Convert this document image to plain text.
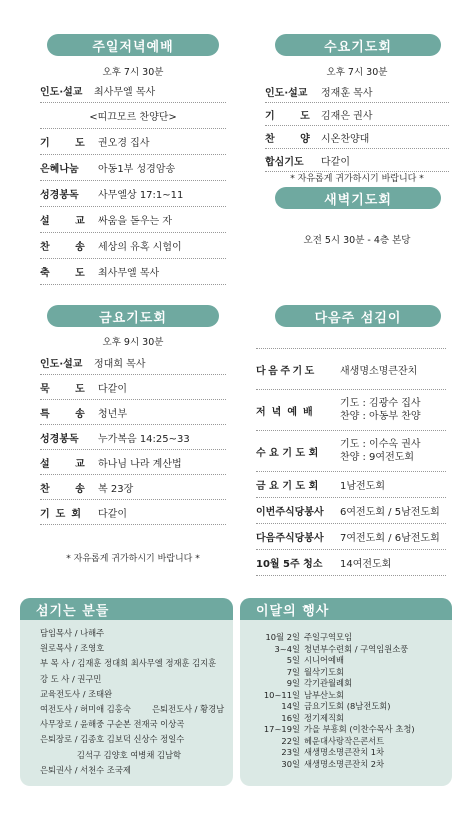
주일저녁예배
오후 7시 30분
인도·설교	최사무엘 목사
<띠끄모르 찬양단>
기 도	권오경 집사
은혜나눔	아동1부 성경암송
성경봉독	사무엘상 17:1~11
설 교	싸움을 돋우는 자
찬 송	세상의 유혹 시험이
축 도	최사무엘 목사
수요기도회
오후 7시 30분
인도·설교	정재훈 목사
기 도	김재은 권사
찬 양	시온찬양대
합심기도	다같이
* 자유롭게 귀가하시기 바랍니다 *
새벽기도회
오전 5시 30분 - 4층 본당
금요기도회
오후 9시 30분
인도·설교	정대희 목사
묵 도	다같이
특 송	청년부
성경봉독	누가복음 14:25~33
설 교	하나님 나라 계산법
찬 송	복 23장
기도회	다같이
* 자유롭게 귀가하시기 바랍니다 *
다음주 섬김이
다음주기도	새생명소명큰잔치
저녁예배
기도 : 김광수 집사
찬양 : 아동부 찬양
수요기도회
기도 : 이수옥 권사
찬양 : 9여전도회
금요기도회	1남전도회
이번주식당봉사	6여전도회 / 5남전도회
다음주식당봉사	7여전도회 / 6남전도회
10월 5주 청소	14여전도회
섬기는 분들
담임목사 / 나해주
원로목사 / 조영호
부 목 사 / 김재훈 정대희 최사무엘 정재훈 김지훈
강 도 사 / 권구민
교육전도사 / 조태완
여전도사 / 허미애 김홍숙        은퇴전도사 / 황경남
사무장로 / 윤해중 구순본 전재국 이상곡
은퇴장로 / 김종호 김보덕 신상수 정일수
김석구 김양호 여병채 김남학
은퇴권사 / 서천수 조국제
이달의 행사
10월 2일 주일구역모임
3~4일 청년부수련회 / 구역임원소풍
5일 시니어예배
7일 월삭기도회
9일 각기관월례회
10~11일 남부산노회
14일 금요기도회 (8남전도회)
16일 정기제직회
17~19일 가을 부흥회 (이찬수목사 초청)
22일 헤운대사랑작은콘서트
23일 새생명소명큰잔치 1차
30일 새생명소명큰잔치 2차
